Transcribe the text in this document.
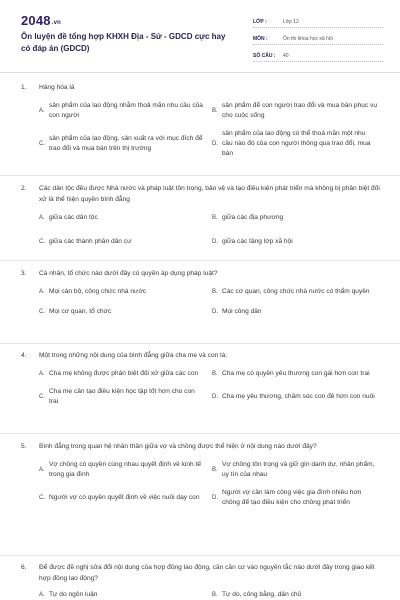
2048.vn
Ôn luyện đề tổng hợp KHXH Địa - Sử - GDCD cực hay có đáp án (GDCD)
LỚP :	Lớp 12
MÔN :	Ôn thi khoa học xã hội
SỐ CÂU :	40
1.	Hàng hóa là
A.
sản phẩm của lao động nhằm thoả mãn nhu cầu của con người
B.
sản phẩm để con người trao đổi và mua bán phục vụ cho cuộc sống
C.
sản phẩm của lao động, sản xuất ra với mục đích để trao đổi và mua bán trên thị trường
D.
sản phẩm của lao động có thể thoả mãn một nhu cầu nào đó của con người thông qua trao đổi, mua bán
2.	Các dân tộc đều được Nhà nước và pháp luật tôn trọng, bảo vệ và tạo điều kiện phát triển mà không bị phân biệt đối xử là thể hiện quyền bình đẳng
A. giữa các dân tộc	B. giữa các địa phương
C. giữa các thành phần dân cư	D. giữa các tầng lớp xã hội
3.	Cá nhân, tổ chức nào dưới đây có quyền áp dụng pháp luật?
A. Mọi cán bộ, công chức nhà nước	B. Các cơ quan, công chức nhà nước có thẩm quyền
C. Mọi cơ quan, tổ chức	D. Mọi công dân
4.	Một trong những nội dung của bình đẳng giữa cha mẹ và con là:
A. Cha mẹ không được phân biệt đối xử giữa các con	B. Cha mẹ có quyền yêu thương con gái hơn con trai
C.
Cha mẹ cần tạo điều kiện học tập tốt hơn cho con trai
D. Cha mẹ yêu thương, chăm sóc con đẻ hơn con nuôi
5.	Bình đẳng trong quan hệ nhân thân giữa vợ và chồng được thể hiện ở nội dung nào dưới đây?
A.
Vợ chồng có quyền cùng nhau quyết định về kinh tế trong gia đình
B.
Vợ chồng tôn trọng và giữ gìn danh dự, nhân phẩm, uy tín của nhau
C. Người vợ có quyền quyết định về việc nuôi dạy con	D.
Người vợ cần làm công việc gia đình nhiều hơn chồng để tạo điều kiện cho chồng phát triển
6.	Để được đề nghị sửa đổi nội dung của hợp đồng lao động, cần căn cứ vào nguyên tắc nào dưới đây trong giao kết hợp đồng lao động?
A. Tự do ngôn luận	B. Tự do, công bằng, dân chủ
